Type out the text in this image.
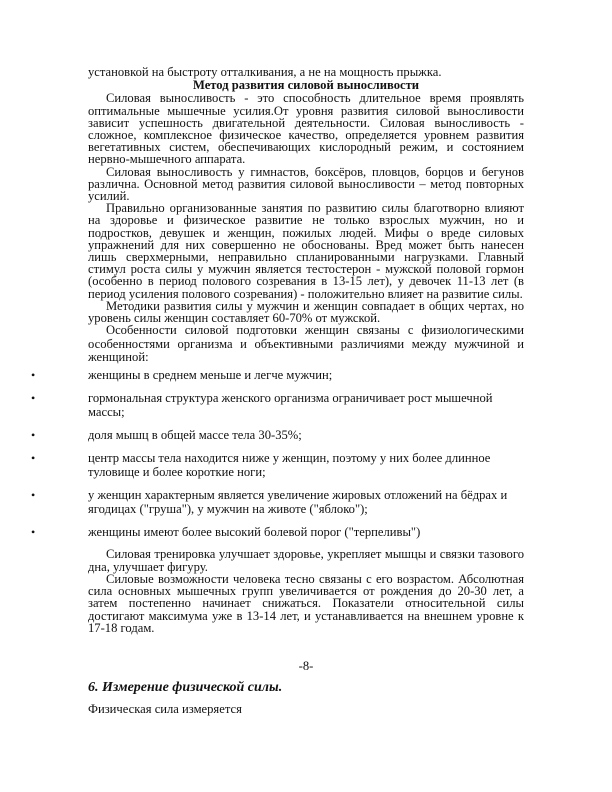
установкой на быстроту отталкивания, а не на мощность прыжка.

Метод развития силовой выносливости

Силовая выносливость - это способность длительное время проявлять оптимальные мышечные усилия.От уровня развития силовой выносливости зависит успешность двигательной деятельности. Силовая выносливость - сложное, комплексное физическое качество, определяется уровнем развития вегетативных систем, обеспечивающих кислородный режим, и состоянием нервно-мышечного аппарата.

Силовая выносливость у гимнастов, боксёров, пловцов, борцов и бегунов различна. Основной метод развития силовой выносливости – метод повторных усилий.

Правильно организованные занятия по развитию силы благотворно влияют на здоровье и физическое развитие не только взрослых мужчин, но и подростков, девушек и женщин, пожилых людей. Мифы о вреде силовых упражнений для них совершенно не обоснованы. Вред может быть нанесен лишь сверхмерными, неправильно спланированными нагрузками. Главный стимул роста силы у мужчин является тестостерон - мужской половой гормон (особенно в период полового созревания в 13-15 лет), у девочек 11-13 лет (в период усиления полового созревания) - положительно влияет на развитие силы.

Методики развития силы у мужчин и женщин совпадает в общих чертах, но уровень силы женщин составляет 60-70% от мужской.

Особенности силовой подготовки женщин связаны с физиологическими особенностями организма и объективными различиями между мужчиной и женщиной:

•	женщины в среднем меньше и легче мужчин;
•	гормональная структура женского организма ограничивает рост мышечной массы;
•	доля мышц в общей массе тела 30-35%;
•	центр массы тела находится ниже у женщин, поэтому у них более длинное туловище и более короткие ноги;
•	у женщин характерным является увеличение жировых отложений на бёдрах и ягодицах ("груша"), у мужчин на животе ("яблоко");
•	женщины имеют более высокий болевой порог ("терпеливы")

Силовая тренировка улучшает здоровье, укрепляет мышцы и связки тазового дна, улучшает фигуру.

Силовые возможности человека тесно связаны с его возрастом. Абсолютная сила основных мышечных групп увеличивается от рождения до 20-30 лет, а затем постепенно начинает снижаться. Показатели относительной силы достигают максимума уже в 13-14 лет, и устанавливается на внешнем уровне к 17-18 годам.

-8-
6. Измерение физической силы.
Физическая сила измеряется
